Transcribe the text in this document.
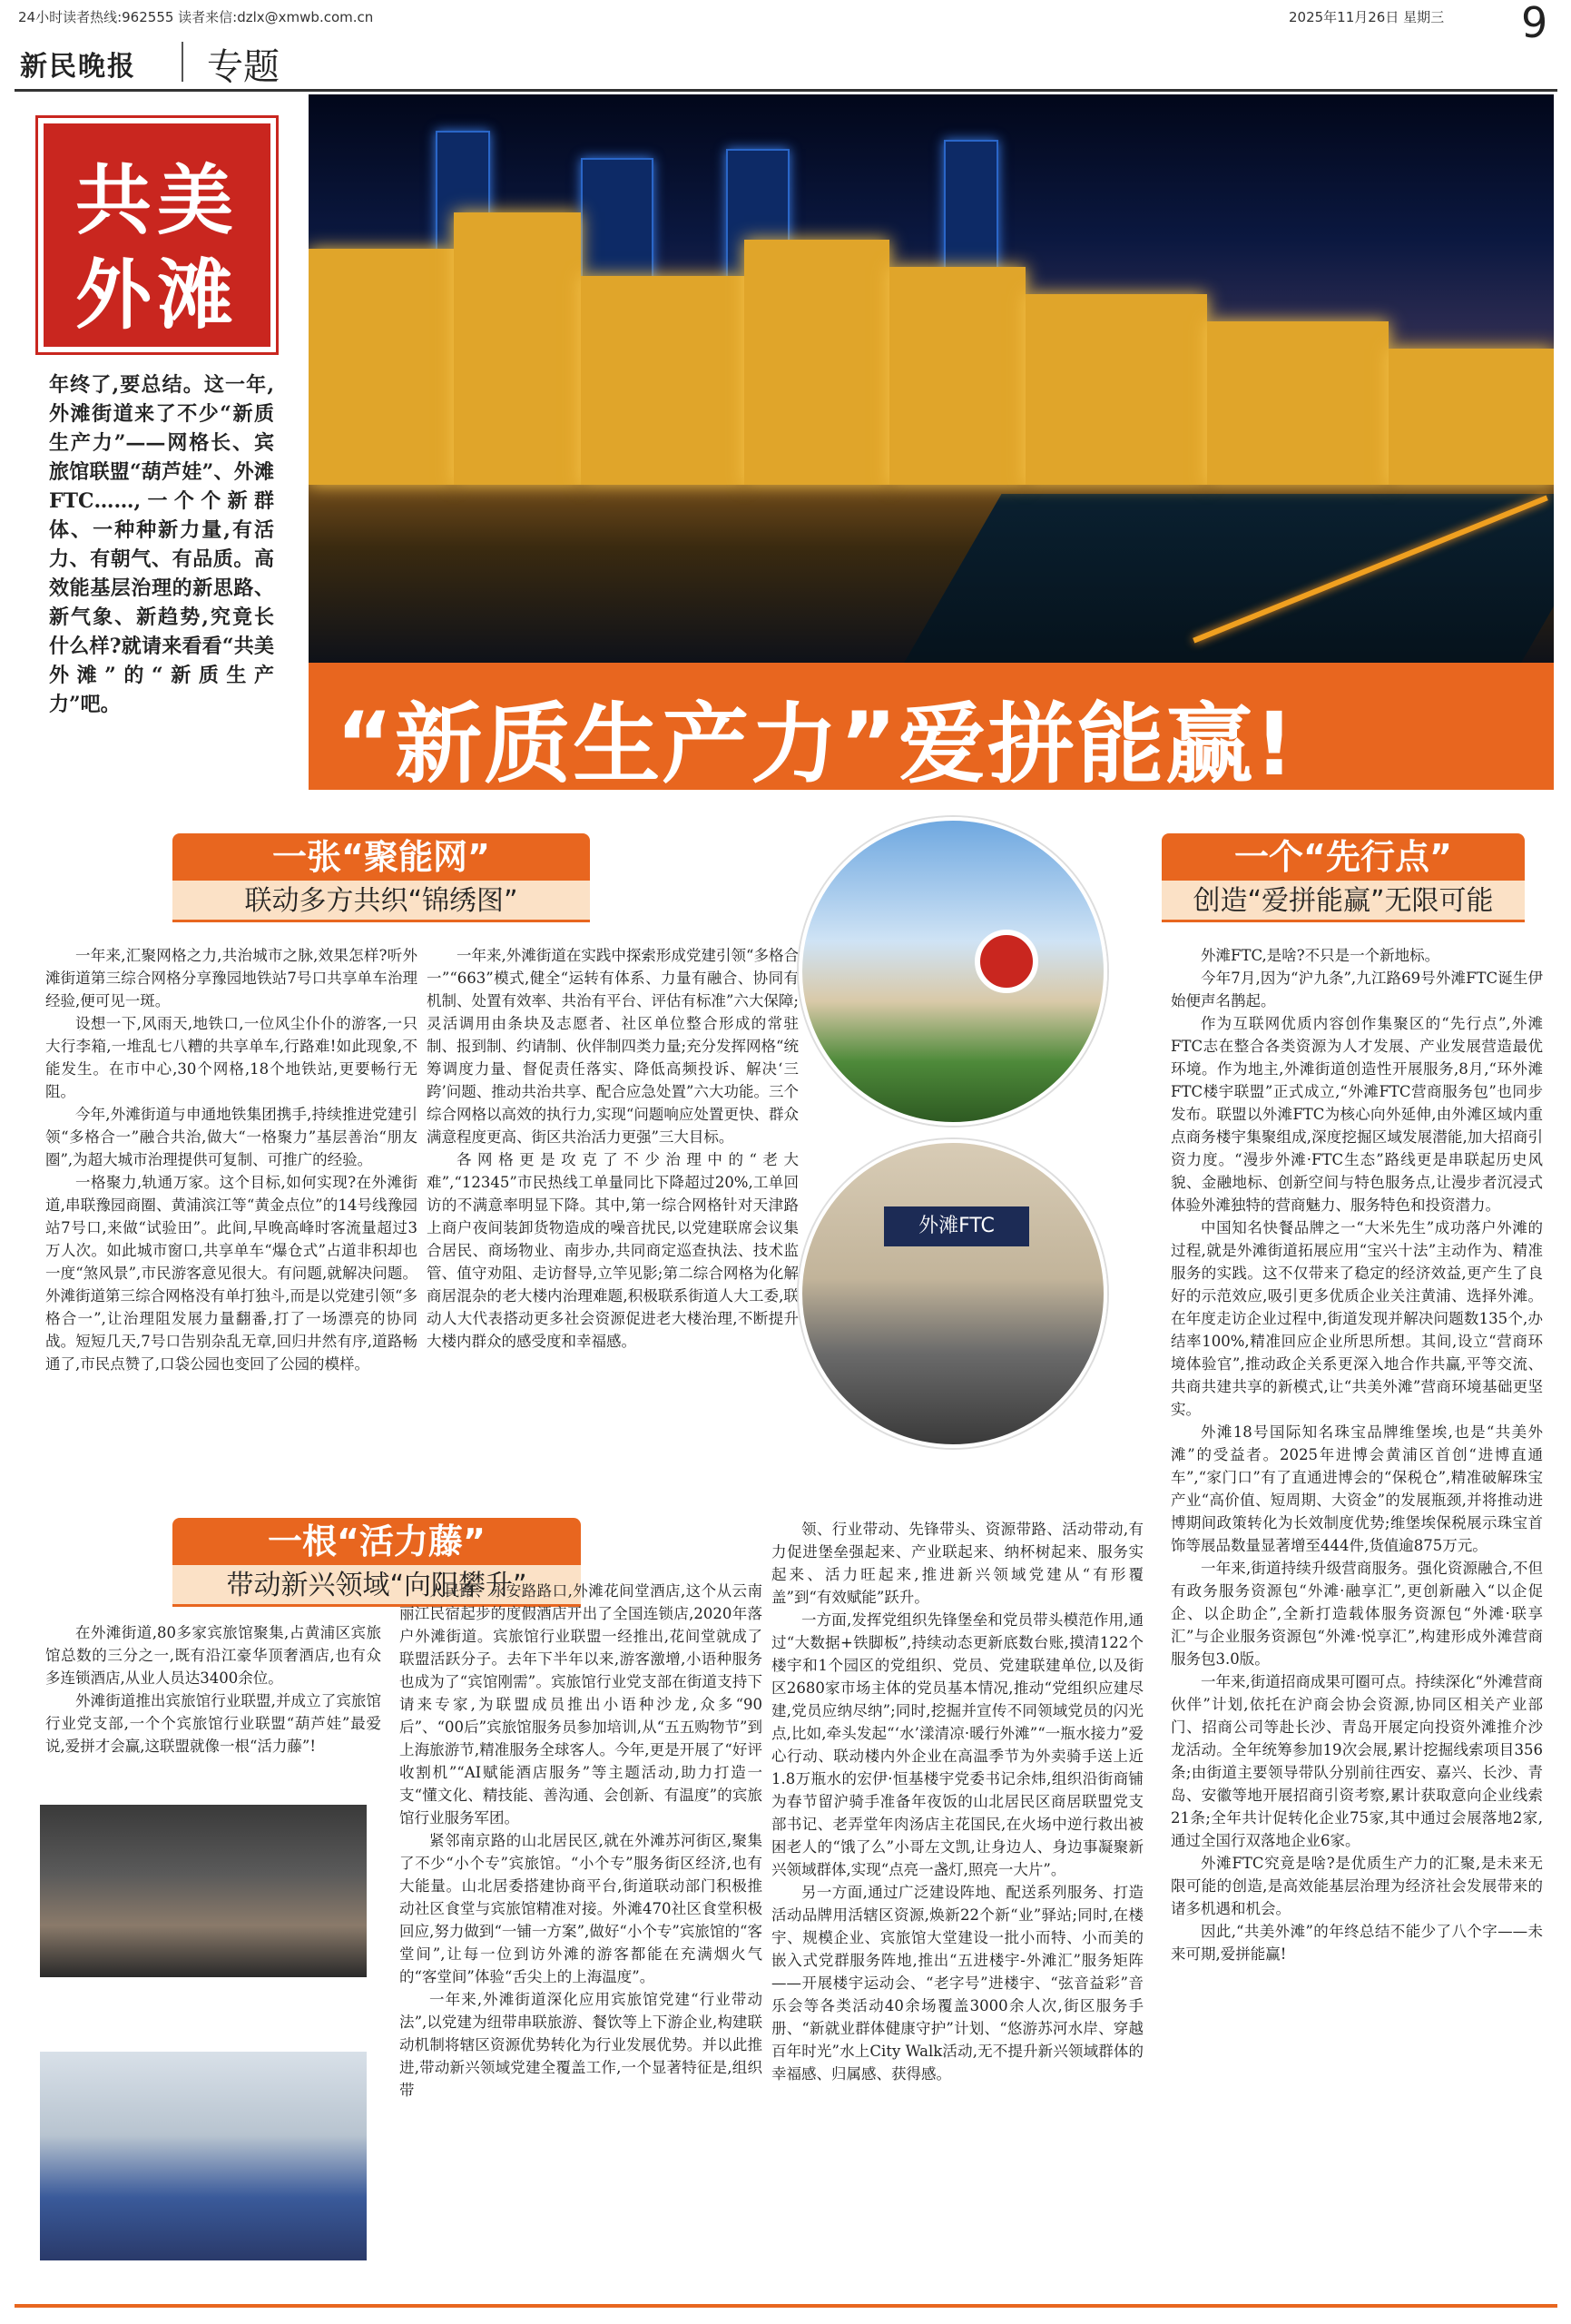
24小时读者热线:962555 读者来信:dzlx@xmwb.com.cn	2025年11月26日 星期三 9
新民晚报 专题
共美
外滩
年终了,要总结。这一年,外滩街道来了不少“新质生产力”——网格长、宾旅馆联盟“葫芦娃”、外滩FTC……,一个个新群体、一种种新力量,有活力、有朝气、有品质。高效能基层治理的新思路、新气象、新趋势,究竟长什么样?就请来看看“共美外滩”的“新质生产力”吧。	“新质生产力”爱拼能赢!
一张“聚能网”
联动多方共织“锦绣图”

一年来,汇聚网格之力,共治城市之脉,效果怎样?听外滩街道第三综合网格分享豫园地铁站7号口共享单车治理经验,便可见一斑。

设想一下,风雨天,地铁口,一位风尘仆仆的游客,一只大行李箱,一堆乱七八糟的共享单车,行路难!如此现象,不能发生。在市中心,30个网格,18个地铁站,更要畅行无阻。

今年,外滩街道与申通地铁集团携手,持续推进党建引领“多格合一”融合共治,做大“一格聚力”基层善治“朋友圈”,为超大城市治理提供可复制、可推广的经验。

一格聚力,轨通万家。这个目标,如何实现?在外滩街道,串联豫园商圈、黄浦滨江等“黄金点位”的14号线豫园站7号口,来做“试验田”。此间,早晚高峰时客流量超过3万人次。如此城市窗口,共享单车“爆仓式”占道非积却也一度“煞风景”,市民游客意见很大。有问题,就解决问题。外滩街道第三综合网格没有单打独斗,而是以党建引领“多格合一”,让治理阻发展力量翻番,打了一场漂亮的协同战。短短几天,7号口告别杂乱无章,回归井然有序,道路畅通了,市民点赞了,口袋公园也变回了公园的模样。

一年来,外滩街道在实践中探索形成党建引领“多格合一”“663”模式,健全“运转有体系、力量有融合、协同有机制、处置有效率、共治有平台、评估有标准”六大保障;灵活调用由条块及志愿者、社区单位整合形成的常驻制、报到制、约请制、伙伴制四类力量;充分发挥网格“统筹调度力量、督促责任落实、降低高频投诉、解决‘三跨’问题、推动共治共享、配合应急处置”六大功能。三个综合网格以高效的执行力,实现“问题响应处置更快、群众满意程度更高、街区共治活力更强”三大目标。

各网格更是攻克了不少治理中的“老大难”,“12345”市民热线工单量同比下降超过20%,工单回访的不满意率明显下降。其中,第一综合网格针对天津路上商户夜间装卸货物造成的噪音扰民,以党建联席会议集合居民、商场物业、南步办,共同商定巡查执法、技术监管、值守劝阻、走访督导,立竿见影;第二综合网格为化解商居混杂的老大楼内治理难题,积极联系街道人大工委,联动人大代表搭动更多社会资源促进老大楼治理,不断提升大楼内群众的感受度和幸福感。

外滩FTC
一个“先行点”
创造“爱拼能赢”无限可能

外滩FTC,是啥?不只是一个新地标。

今年7月,因为“沪九条”,九江路69号外滩FTC诞生伊始便声名鹊起。

作为互联网优质内容创作集聚区的“先行点”,外滩FTC志在整合各类资源为人才发展、产业发展营造最优环境。作为地主,外滩街道创造性开展服务,8月,“环外滩FTC楼宇联盟”正式成立,“外滩FTC营商服务包”也同步发布。联盟以外滩FTC为核心向外延伸,由外滩区域内重点商务楼宇集聚组成,深度挖掘区域发展潜能,加大招商引资力度。“漫步外滩·FTC生态”路线更是串联起历史风貌、金融地标、创新空间与特色服务点,让漫步者沉浸式体验外滩独特的营商魅力、服务特色和投资潜力。

中国知名快餐品牌之一“大米先生”成功落户外滩的过程,就是外滩街道拓展应用“宝兴十法”主动作为、精准服务的实践。这不仅带来了稳定的经济效益,更产生了良好的示范效应,吸引更多优质企业关注黄浦、选择外滩。在年度走访企业过程中,街道发现并解决问题数135个,办结率100%,精准回应企业所思所想。其间,设立“营商环境体验官”,推动政企关系更深入地合作共赢,平等交流、共商共建共享的新模式,让“共美外滩”营商环境基础更坚实。

外滩18号国际知名珠宝品牌维堡埃,也是“共美外滩”的受益者。2025年进博会黄浦区首创“进博直通车”,“家门口”有了直通进博会的“保税仓”,精准破解珠宝产业“高价值、短周期、大资金”的发展瓶颈,并将推动进博期间政策转化为长效制度优势;维堡埃保税展示珠宝首饰等展品数量显著增至444件,货值逾875万元。

一年来,街道持续升级营商服务。强化资源融合,不但有政务服务资源包“外滩·融享汇”,更创新融入“以企促企、以企助企”,全新打造载体服务资源包“外滩·联享汇”与企业服务资源包“外滩·悦享汇”,构建形成外滩营商服务包3.0版。

一年来,街道招商成果可圈可点。持续深化“外滩营商伙伴”计划,依托在沪商会协会资源,协同区相关产业部门、招商公司等赴长沙、青岛开展定向投资外滩推介沙龙活动。全年统筹参加19次会展,累计挖掘线索项目356条;由街道主要领导带队分别前往西安、嘉兴、长沙、青岛、安徽等地开展招商引资考察,累计获取意向企业线索21条;全年共计促转化企业75家,其中通过会展落地2家,通过全国行双落地企业6家。

外滩FTC究竟是啥?是优质生产力的汇聚,是未来无限可能的创造,是高效能基层治理为经济社会发展带来的诸多机遇和机会。

因此,“共美外滩”的年终总结不能少了八个字——未来可期,爱拼能赢!

一根“活力藤”
带动新兴领域“向阳攀升”

在外滩街道,80多家宾旅馆聚集,占黄浦区宾旅馆总数的三分之一,既有沿江豪华顶奢酒店,也有众多连锁酒店,从业人员达3400余位。

外滩街道推出宾旅馆行业联盟,并成立了宾旅馆行业党支部,一个个宾旅馆行业联盟“葫芦娃”最爱说,爱拼才会赢,这联盟就像一根“活力藤”!

人民路、永安路路口,外滩花间堂酒店,这个从云南丽江民宿起步的度假酒店开出了全国连锁店,2020年落户外滩街道。宾旅馆行业联盟一经推出,花间堂就成了联盟活跃分子。去年下半年以来,游客激增,小语种服务也成为了“宾馆刚需”。宾旅馆行业党支部在街道支持下请来专家,为联盟成员推出小语种沙龙,众多“90后”、“00后”宾旅馆服务员参加培训,从“五五购物节”到上海旅游节,精准服务全球客人。今年,更是开展了“好评收割机”“AI赋能酒店服务”等主题活动,助力打造一支“懂文化、精技能、善沟通、会创新、有温度”的宾旅馆行业服务军团。

紧邻南京路的山北居民区,就在外滩苏河街区,聚集了不少“小个专”宾旅馆。“小个专”服务街区经济,也有大能量。山北居委搭建协商平台,街道联动部门积极推动社区食堂与宾旅馆精准对接。外滩470社区食堂积极回应,努力做到“一铺一方案”,做好“小个专”宾旅馆的“客堂间”,让每一位到访外滩的游客都能在充满烟火气的“客堂间”体验“舌尖上的上海温度”。

一年来,外滩街道深化应用宾旅馆党建“行业带动法”,以党建为纽带串联旅游、餐饮等上下游企业,构建联动机制将辖区资源优势转化为行业发展优势。并以此推进,带动新兴领域党建全覆盖工作,一个显著特征是,组织带

领、行业带动、先锋带头、资源带路、活动带动,有力促进堡垒强起来、产业联起来、纳杯树起来、服务实起来、活力旺起来,推进新兴领域党建从“有形覆盖”到“有效赋能”跃升。

一方面,发挥党组织先锋堡垒和党员带头模范作用,通过“大数据+铁脚板”,持续动态更新底数台账,摸清122个楼宇和1个园区的党组织、党员、党建联建单位,以及街区2680家市场主体的党员基本情况,推动“党组织应建尽建,党员应纳尽纳”;同时,挖掘并宣传不同领域党员的闪光点,比如,牵头发起“‘水’漾清凉·暖行外滩”“一瓶水接力”爱心行动、联动楼内外企业在高温季节为外卖骑手送上近1.8万瓶水的宏伊·恒基楼宇党委书记余炜,组织沿街商铺为春节留沪骑手准备年夜饭的山北居民区商居联盟党支部书记、老弄堂年肉汤店主花国民,在火场中逆行救出被困老人的“饿了么”小哥左文凯,让身边人、身边事凝聚新兴领域群体,实现“点亮一盏灯,照亮一大片”。

另一方面,通过广泛建设阵地、配送系列服务、打造活动品牌用活辖区资源,焕新22个新“业”驿站;同时,在楼宇、规模企业、宾旅馆大堂建设一批小而特、小而美的嵌入式党群服务阵地,推出“五进楼宇-外滩汇”服务矩阵——开展楼宇运动会、“老字号”进楼宇、“弦音益彩”音乐会等各类活动40余场覆盖3000余人次,街区服务手册、“新就业群体健康守护”计划、“悠游苏河水岸、穿越百年时光”水上City Walk活动,无不提升新兴领域群体的幸福感、归属感、获得感。
